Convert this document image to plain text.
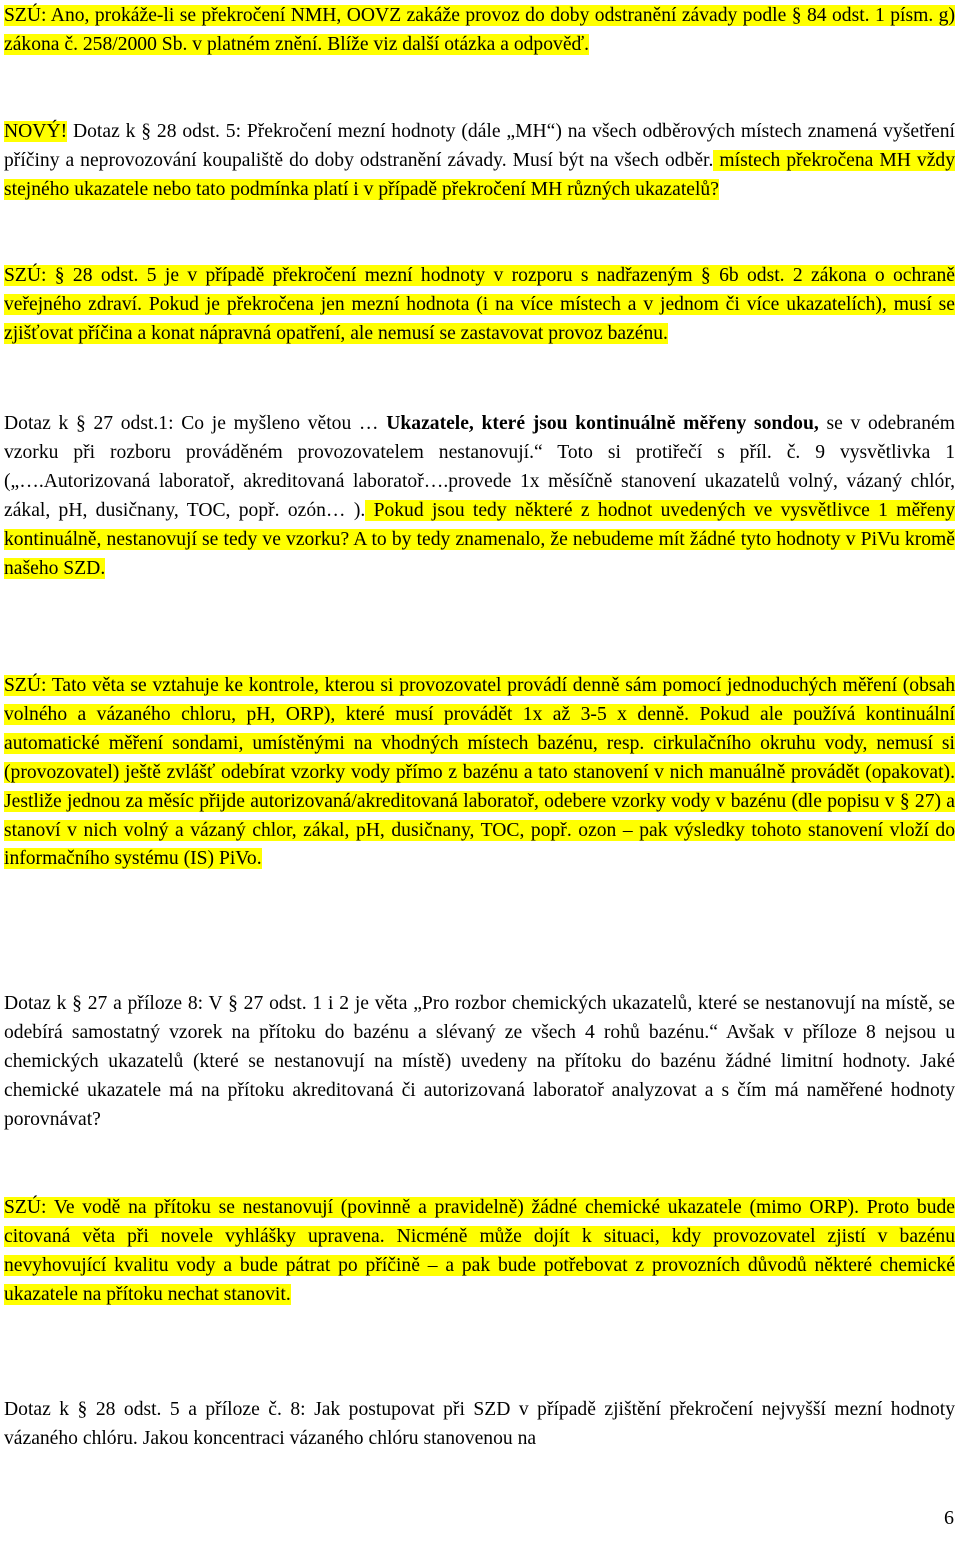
SZÚ: Ano, prokáže-li se překročení NMH, OOVZ zakáže provoz do doby odstranění závady podle § 84 odst. 1 písm. g) zákona č. 258/2000 Sb. v platném znění. Blíže viz další otázka a odpověď.

NOVÝ! Dotaz k § 28 odst. 5: Překročení mezní hodnoty (dále „MH“) na všech odběrových místech znamená vyšetření příčiny a neprovozování koupaliště do doby odstranění závady. Musí být na všech odběr. místech překročena MH vždy stejného ukazatele nebo tato podmínka platí i v případě překročení MH různých ukazatelů?

SZÚ: § 28 odst. 5 je v případě překročení mezní hodnoty v rozporu s nadřazeným § 6b odst. 2 zákona o ochraně veřejného zdraví. Pokud je překročena jen mezní hodnota (i na více místech a v jednom či více ukazatelích), musí se zjišťovat příčina a konat nápravná opatření, ale nemusí se zastavovat provoz bazénu.

Dotaz k § 27 odst.1: Co je myšleno větou … Ukazatele, které jsou kontinuálně měřeny sondou, se v odebraném vzorku při rozboru prováděném provozovatelem nestanovují.“ Toto si protiřečí s příl. č. 9 vysvětlivka 1 („….Autorizovaná laboratoř, akreditovaná laboratoř….provede 1x měsíčně stanovení ukazatelů volný, vázaný chlór, zákal, pH, dusičnany, TOC, popř. ozón… ). Pokud jsou tedy některé z hodnot uvedených ve vysvětlivce 1 měřeny kontinuálně, nestanovují se tedy ve vzorku? A to by tedy znamenalo, že nebudeme mít žádné tyto hodnoty v PiVu kromě našeho SZD.

SZÚ: Tato věta se vztahuje ke kontrole, kterou si provozovatel provádí denně sám pomocí jednoduchých měření (obsah volného a vázaného chloru, pH, ORP), které musí provádět 1x až 3-5 x denně. Pokud ale používá kontinuální automatické měření sondami, umístěnými na vhodných místech bazénu, resp. cirkulačního okruhu vody, nemusí si (provozovatel) ještě zvlášť odebírat vzorky vody přímo z bazénu a tato stanovení v nich manuálně provádět (opakovat). Jestliže jednou za měsíc přijde autorizovaná/akreditovaná laboratoř, odebere vzorky vody v bazénu (dle popisu v § 27) a stanoví v nich volný a vázaný chlor, zákal, pH, dusičnany, TOC, popř. ozon – pak výsledky tohoto stanovení vloží do informačního systému (IS) PiVo.

Dotaz k § 27 a příloze 8: V § 27 odst. 1 i 2 je věta „Pro rozbor chemických ukazatelů, které se nestanovují na místě, se odebírá samostatný vzorek na přítoku do bazénu a slévaný ze všech 4 rohů bazénu.“ Avšak v příloze 8 nejsou u chemických ukazatelů (které se nestanovují na místě) uvedeny na přítoku do bazénu žádné limitní hodnoty. Jaké chemické ukazatele má na přítoku akreditovaná či autorizovaná laboratoř analyzovat a s čím má naměřené hodnoty porovnávat?

SZÚ: Ve vodě na přítoku se nestanovují (povinně a pravidelně) žádné chemické ukazatele (mimo ORP). Proto bude citovaná věta při novele vyhlášky upravena. Nicméně může dojít k situaci, kdy provozovatel zjistí v bazénu nevyhovující kvalitu vody a bude pátrat po příčině – a pak bude potřebovat z provozních důvodů některé chemické ukazatele na přítoku nechat stanovit.

Dotaz k § 28 odst. 5 a příloze č. 8: Jak postupovat při SZD v případě zjištění překročení nejvyšší mezní hodnoty vázaného chlóru. Jakou koncentraci vázaného chlóru stanovenou na

6
